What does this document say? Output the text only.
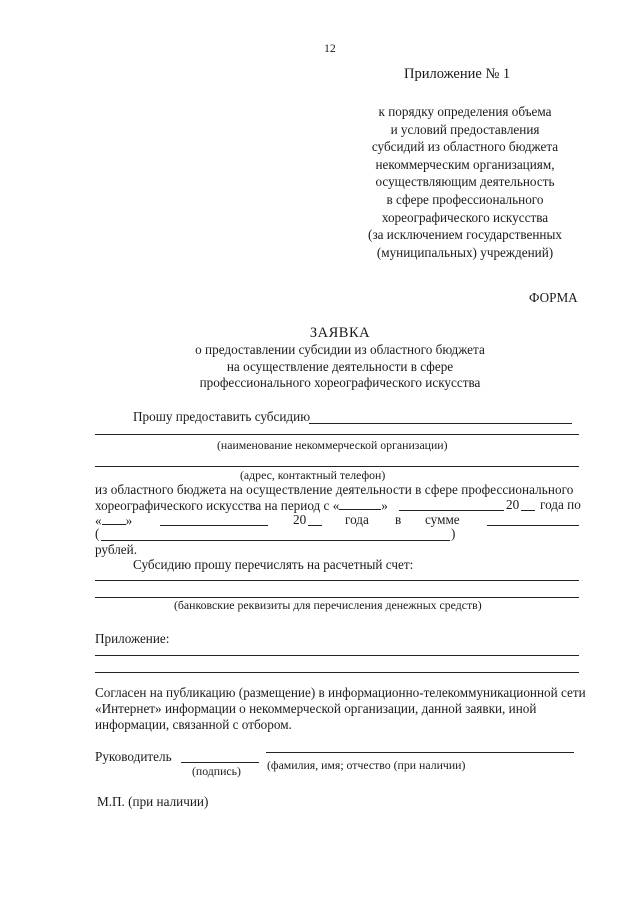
12
Приложение № 1
к порядку определения объема
и условий предоставления
субсидий из областного бюджета
некоммерческим организациям,
осуществляющим деятельность
в сфере профессионального
хореографического искусства
(за исключением государственных
(муниципальных) учреждений)
ФОРМА
ЗАЯВКА
о предоставлении субсидии из областного бюджета
на осуществление деятельности в сфере
профессионального хореографического искусства
Прошу предоставить субсидию
(наименование некоммерческой организации)
(адрес, контактный телефон)
из областного бюджета на осуществление деятельности в сфере профессионального
хореографического искусства на период с «	»	20 года по
« »	20	года в сумме
(	)
рублей.
Субсидию прошу перечислять на расчетный счет:
(банковские реквизиты для перечисления денежных средств)
Приложение:
Согласен на публикацию (размещение) в информационно-телекоммуникационной сети
«Интернет» информации о некоммерческой организации, данной заявки, иной
информации, связанной с отбором.
Руководитель
(подпись) (фамилия, имя; отчество (при наличии)
М.П. (при наличии)
